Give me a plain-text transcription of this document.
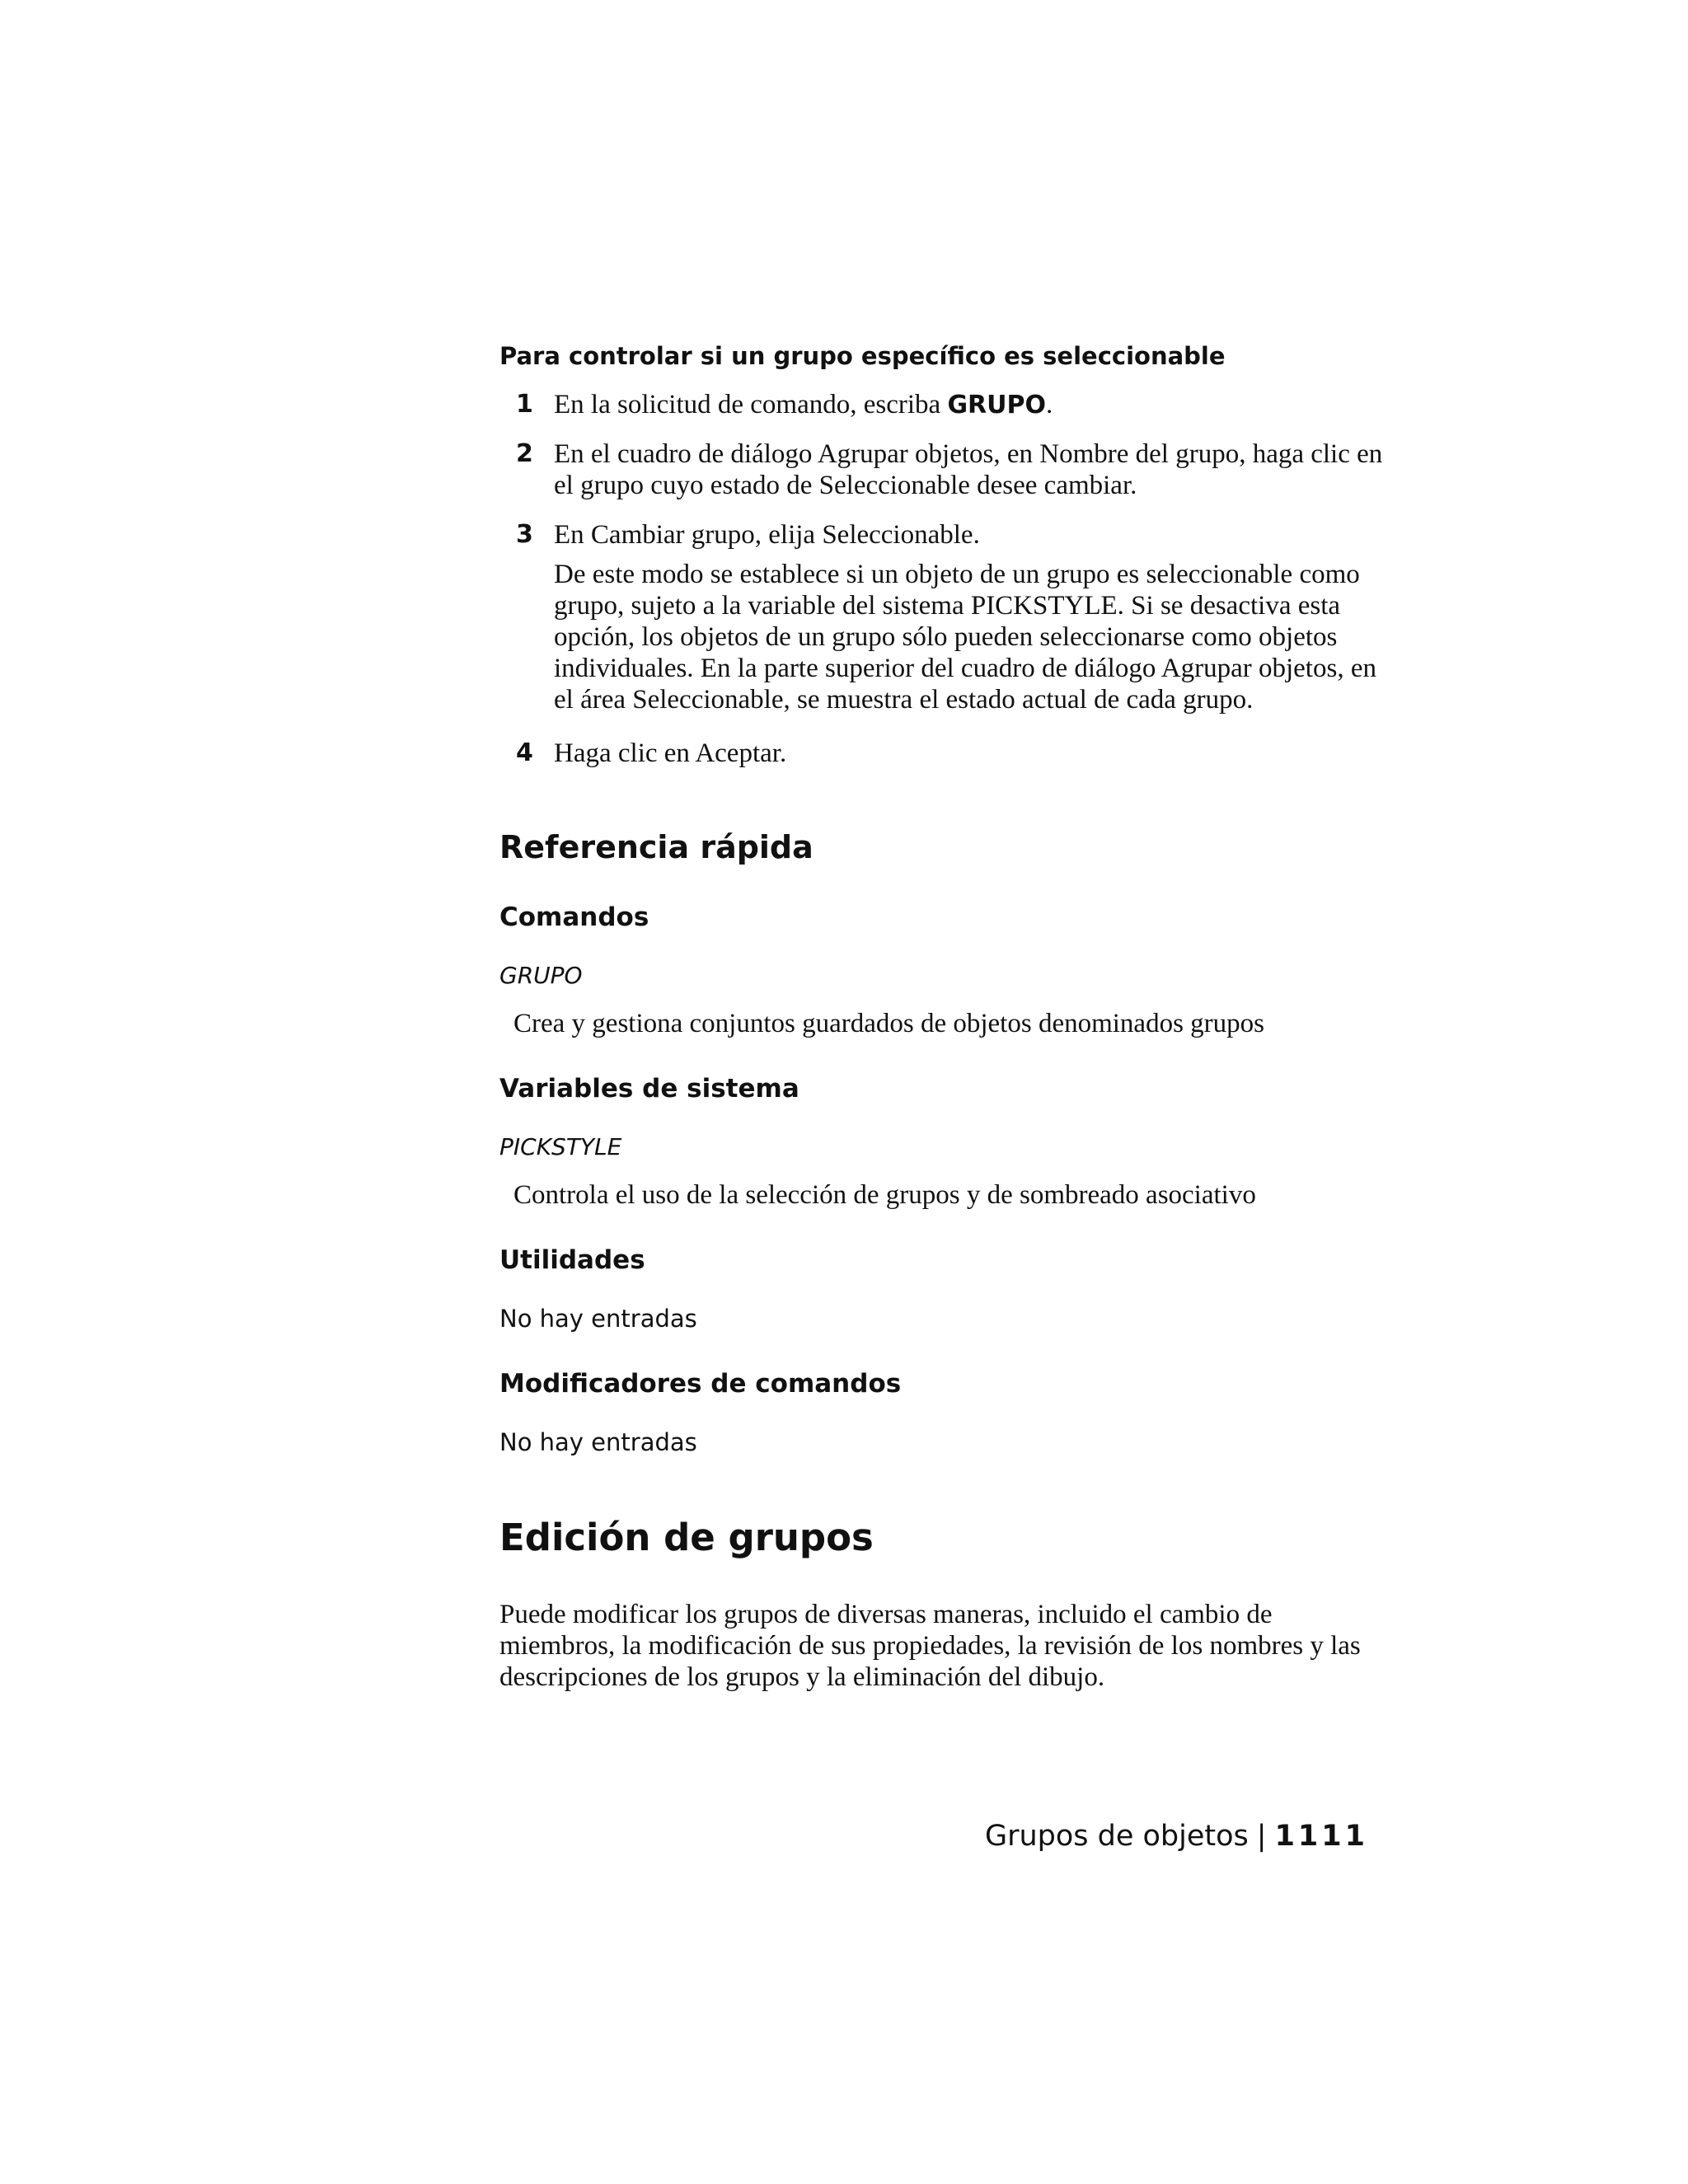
Para controlar si un grupo específico es seleccionable
1 En la solicitud de comando, escriba GRUPO.
2 En el cuadro de diálogo Agrupar objetos, en Nombre del grupo, haga clic en el grupo cuyo estado de Seleccionable desee cambiar.
3 En Cambiar grupo, elija Seleccionable.
De este modo se establece si un objeto de un grupo es seleccionable como grupo, sujeto a la variable del sistema PICKSTYLE. Si se desactiva esta opción, los objetos de un grupo sólo pueden seleccionarse como objetos individuales. En la parte superior del cuadro de diálogo Agrupar objetos, en el área Seleccionable, se muestra el estado actual de cada grupo.
4 Haga clic en Aceptar.
Referencia rápida
Comandos
GRUPO
Crea y gestiona conjuntos guardados de objetos denominados grupos
Variables de sistema
PICKSTYLE
Controla el uso de la selección de grupos y de sombreado asociativo
Utilidades
No hay entradas
Modificadores de comandos
No hay entradas
Edición de grupos
Puede modificar los grupos de diversas maneras, incluido el cambio de miembros, la modificación de sus propiedades, la revisión de los nombres y las descripciones de los grupos y la eliminación del dibujo.
Grupos de objetos | 1111
